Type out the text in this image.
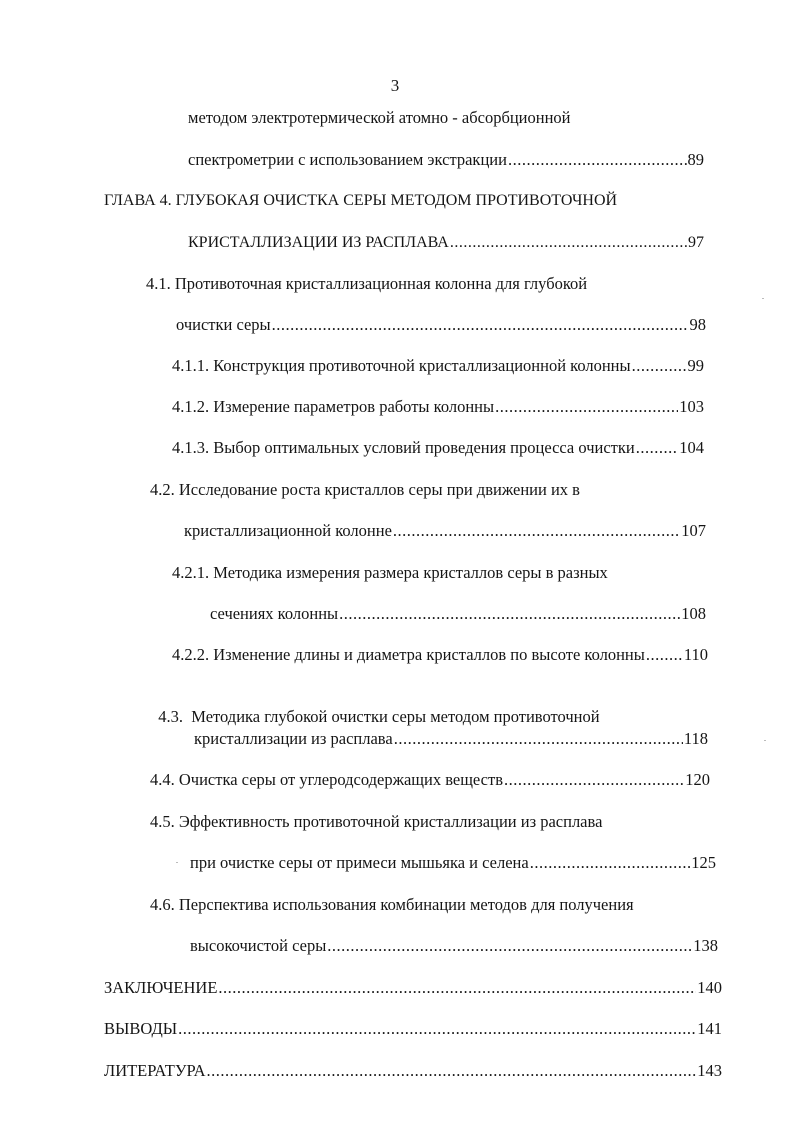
3
методом электротермической атомно - абсорбционной
спектрометрии с использованием экстракции .....	89
ГЛАВА 4. ГЛУБОКАЯ ОЧИСТКА СЕРЫ МЕТОДОМ ПРОТИВОТОЧНОЙ
КРИСТАЛЛИЗАЦИИ ИЗ РАСПЛАВА .....	97
4.1. Противоточная кристаллизационная колонна для глубокой
очистки серы .....	98
4.1.1. Конструкция противоточной кристаллизационной колонны .....	99
4.1.2. Измерение параметров работы колонны .....	103
4.1.3. Выбор оптимальных условий проведения процесса очистки .....	104
4.2. Исследование роста кристаллов серы при движении их в
кристаллизационной колонне .....	107
4.2.1. Методика измерения размера кристаллов серы в разных
сечениях колонны .....	108
4.2.2. Изменение длины и диаметра кристаллов по высоте колонны ..... 110

4.3.  Методика глубокой очистки серы методом противоточной

кристаллизации из расплава .....	118
4.4. Очистка серы от углеродсодержащих веществ .....	120
4.5. Эффективность противоточной кристаллизации из расплава
при очистке серы от примеси мышьяка и селена .....	125
4.6. Перспектива использования комбинации методов для получения
высокочистой серы .....	138
ЗАКЛЮЧЕНИЕ .....	140
ВЫВОДЫ .....	141
ЛИТЕРАТУРА .....	143
